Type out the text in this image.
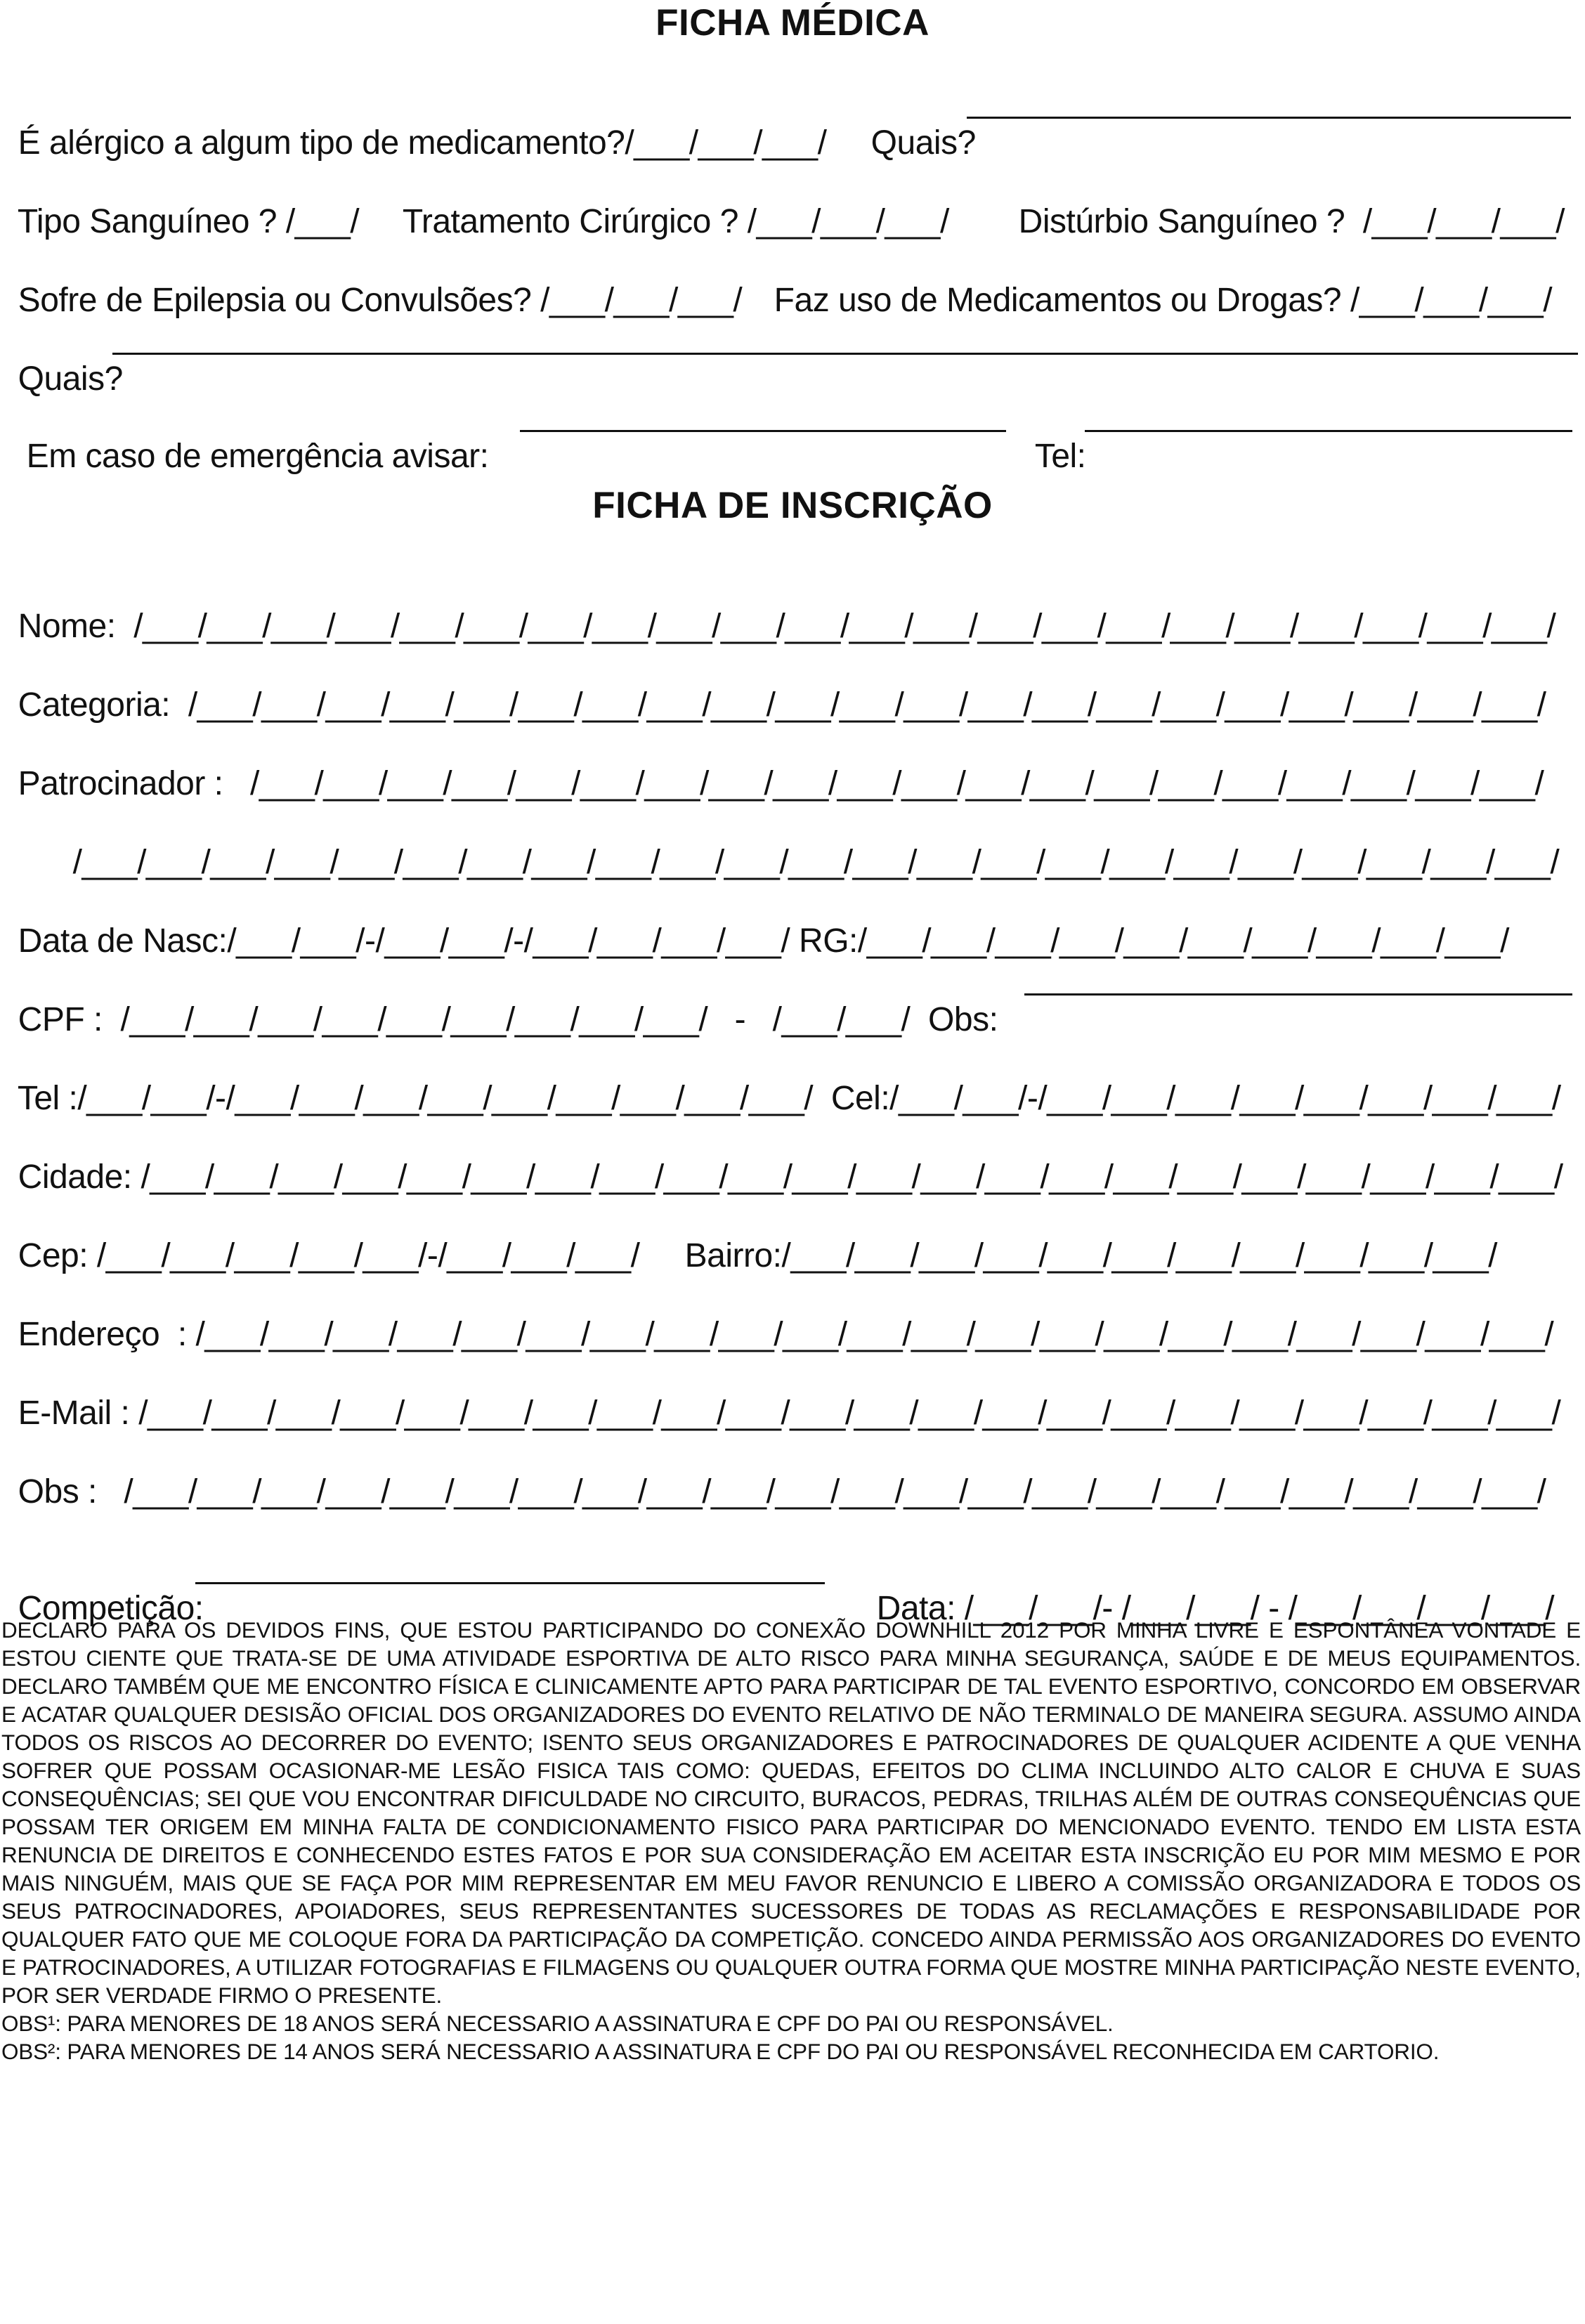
FICHA MÉDICA

É alérgico a algum tipo de medicamento?/___/___/___/	Quais?

Tipo Sanguíneo ? /___/	Tratamento Cirúrgico ? /___/___/___/	Distúrbio Sanguíneo ? /___/___/___/

Sofre de Epilepsia ou Convulsões? /___/___/___/ Faz uso de Medicamentos ou Drogas? /___/___/___/

Quais?

Em caso de emergência avisar:	Tel:

FICHA DE INSCRIÇÃO

Nome: /___/___/___/___/___/___/___/___/___/___/___/___/___/___/___/___/___/___/___/___/___/___/

Categoria: /___/___/___/___/___/___/___/___/___/___/___/___/___/___/___/___/___/___/___/___/___/

Patrocinador : /___/___/___/___/___/___/___/___/___/___/___/___/___/___/___/___/___/___/___/___/

/___/___/___/___/___/___/___/___/___/___/___/___/___/___/___/___/___/___/___/___/___/___/___/

Data de Nasc:/___/___/-/___/___/-/___/___/___/___/ RG:/___/___/___/___/___/___/___/___/___/___/

CPF : /___/___/___/___/___/___/___/___/___/ - /___/___/ Obs:

Tel :/___/___/-/___/___/___/___/___/___/___/___/___/ Cel:/___/___/-/___/___/___/___/___/___/___/___/

Cidade: /___/___/___/___/___/___/___/___/___/___/___/___/___/___/___/___/___/___/___/___/___/___/

Cep: /___/___/___/___/___/-/___/___/___/ Bairro:/___/___/___/___/___/___/___/___/___/___/___/

Endereço  : /___/___/___/___/___/___/___/___/___/___/___/___/___/___/___/___/___/___/___/___/___/

E-Mail : /___/___/___/___/___/___/___/___/___/___/___/___/___/___/___/___/___/___/___/___/___/___/

Obs : /___/___/___/___/___/___/___/___/___/___/___/___/___/___/___/___/___/___/___/___/___/___/

Competição:	Data: /___/___/- /___/___/ - /___/___/___/___/

DECLARO PARA OS DEVIDOS FINS, QUE ESTOU PARTICIPANDO DO CONEXÃO DOWNHILL 2012 POR MINHA LIVRE E ESPONTÂNEA VONTADE E ESTOU CIENTE QUE TRATA-SE DE UMA ATIVIDADE ESPORTIVA DE ALTO RISCO PARA MINHA SEGURANÇA, SAÚDE E DE MEUS EQUIPAMENTOS. DECLARO TAMBÉM QUE ME ENCONTRO FÍSICA E CLINICAMENTE APTO PARA PARTICIPAR DE TAL EVENTO ESPORTIVO, CONCORDO EM OBSERVAR E ACATAR QUALQUER DESISÃO OFICIAL DOS ORGANIZADORES DO EVENTO RELATIVO DE NÃO TERMINALO DE MANEIRA SEGURA. ASSUMO AINDA TODOS OS RISCOS AO DECORRER DO EVENTO; ISENTO SEUS ORGANIZADORES E PATROCINADORES DE QUALQUER ACIDENTE A QUE VENHA SOFRER QUE POSSAM OCASIONAR-ME LESÃO FISICA TAIS COMO: QUEDAS, EFEITOS DO CLIMA INCLUINDO ALTO CALOR E CHUVA E SUAS CONSEQUÊNCIAS; SEI QUE VOU ENCONTRAR DIFICULDADE NO CIRCUITO, BURACOS, PEDRAS, TRILHAS ALÉM DE OUTRAS CONSEQUÊNCIAS QUE POSSAM TER ORIGEM EM MINHA FALTA DE CONDICIONAMENTO FISICO PARA PARTICIPAR DO MENCIONADO EVENTO. TENDO EM LISTA ESTA RENUNCIA DE DIREITOS E CONHECENDO ESTES FATOS E POR SUA CONSIDERAÇÃO EM ACEITAR ESTA INSCRIÇÃO EU POR MIM MESMO E POR MAIS NINGUÉM, MAIS QUE SE FAÇA POR MIM REPRESENTAR EM MEU FAVOR RENUNCIO E LIBERO A COMISSÃO ORGANIZADORA E TODOS OS SEUS PATROCINADORES, APOIADORES, SEUS REPRESENTANTES SUCESSORES DE TODAS AS RECLAMAÇÕES E RESPONSABILIDADE POR QUALQUER FATO QUE ME COLOQUE FORA DA PARTICIPAÇÃO DA COMPETIÇÃO. CONCEDO AINDA PERMISSÃO AOS ORGANIZADORES DO EVENTO E PATROCINADORES, A UTILIZAR FOTOGRAFIAS E FILMAGENS OU QUALQUER OUTRA FORMA QUE MOSTRE MINHA PARTICIPAÇÃO NESTE EVENTO, POR SER VERDADE FIRMO O PRESENTE.

OBS¹: PARA MENORES DE 18 ANOS SERÁ NECESSARIO A ASSINATURA E CPF DO PAI OU RESPONSÁVEL.

OBS²: PARA MENORES DE 14 ANOS SERÁ NECESSARIO A ASSINATURA E CPF DO PAI OU RESPONSÁVEL RECONHECIDA EM CARTORIO.
